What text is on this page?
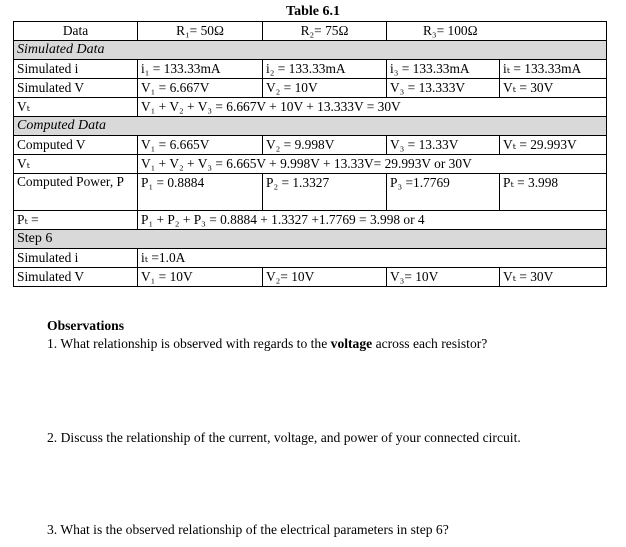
Table 6.1
Data	R₁= 50Ω	R₂= 75Ω	R₃= 100Ω	
Simulated Data				
Simulated i	i₁ = 133.33mA	i₂ = 133.33mA	i₃ = 133.33mA	iₜ = 133.33mA
Simulated V	V₁ = 6.667V	V₂ = 10V	V₃ = 13.333V	Vₜ = 30V
Vₜ	V₁ + V₂ + V₃ = 6.667V + 10V + 13.333V = 30V			
Computed Data				
Computed V	V₁ = 6.665V	V₂ = 9.998V	V₃ = 13.33V	Vₜ = 29.993V
Vₜ	V₁ + V₂ + V₃ = 6.665V + 9.998V + 13.33V= 29.993V or 30V			
Computed Power, P	P₁ = 0.8884	P₂ = 1.3327	P₃ =1.7769	Pₜ = 3.998
Pₜ =	P₁ + P₂ + P₃ = 0.8884 + 1.3327 +1.7769 = 3.998 or 4			
Step 6				
Simulated i	iₜ =1.0A			
Simulated V	V₁ = 10V	V₂= 10V	V₃= 10V	Vₜ = 30V
Observations
1. What relationship is observed with regards to the voltage across each resistor?
2. Discuss the relationship of the current, voltage, and power of your connected circuit.
3. What is the observed relationship of the electrical parameters in step 6?
